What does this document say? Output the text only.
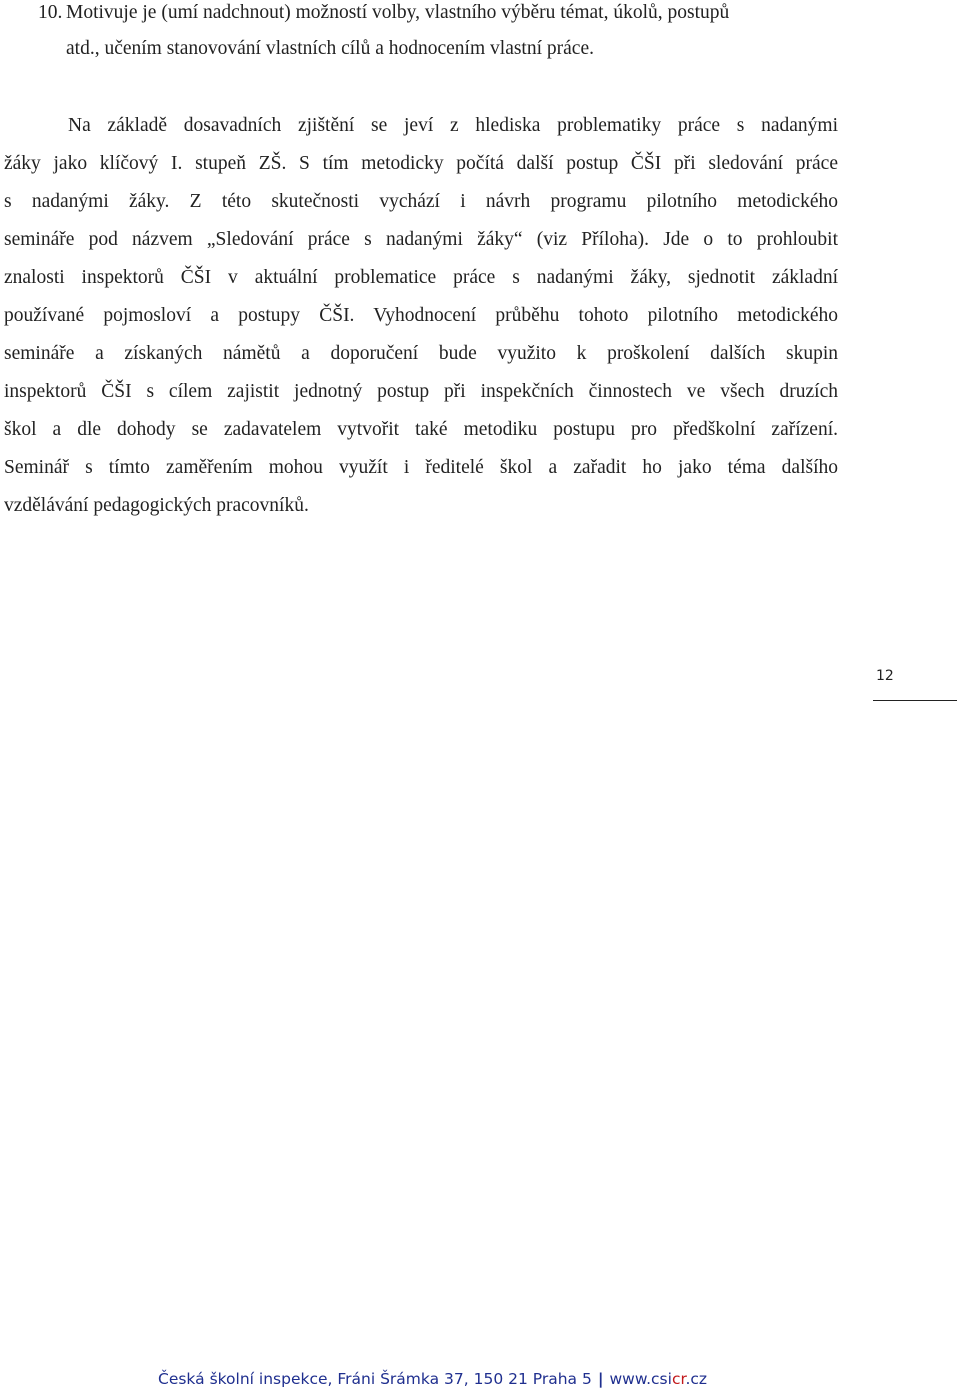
10. Motivuje je (umí nadchnout) možností volby, vlastního výběru témat, úkolů, postupů
atd., učením stanovování vlastních cílů a hodnocením vlastní práce.
Na základě dosavadních zjištění se jeví z hlediska problematiky práce s nadanými
žáky jako klíčový I. stupeň ZŠ. S tím metodicky počítá další postup ČŠI při sledování práce
s nadanými žáky. Z této skutečnosti vychází i návrh programu pilotního metodického
semináře pod názvem „Sledování práce s nadanými žáky“ (viz Příloha). Jde o to prohloubit
znalosti inspektorů ČŠI v aktuální problematice práce s nadanými žáky, sjednotit základní
používané pojmosloví a postupy ČŠI. Vyhodnocení průběhu tohoto pilotního metodického
semináře a získaných námětů a doporučení bude využito k proškolení dalších skupin
inspektorů ČŠI s cílem zajistit jednotný postup při inspekčních činnostech ve všech druzích
škol a dle dohody se zadavatelem vytvořit také metodiku postupu pro předškolní zařízení.
Seminář s tímto zaměřením mohou využít i ředitelé škol a zařadit ho jako téma dalšího
vzdělávání pedagogických pracovníků.
12
Česká školní inspekce, Fráni Šrámka 37, 150 21 Praha 5 | www.csicr.cz
